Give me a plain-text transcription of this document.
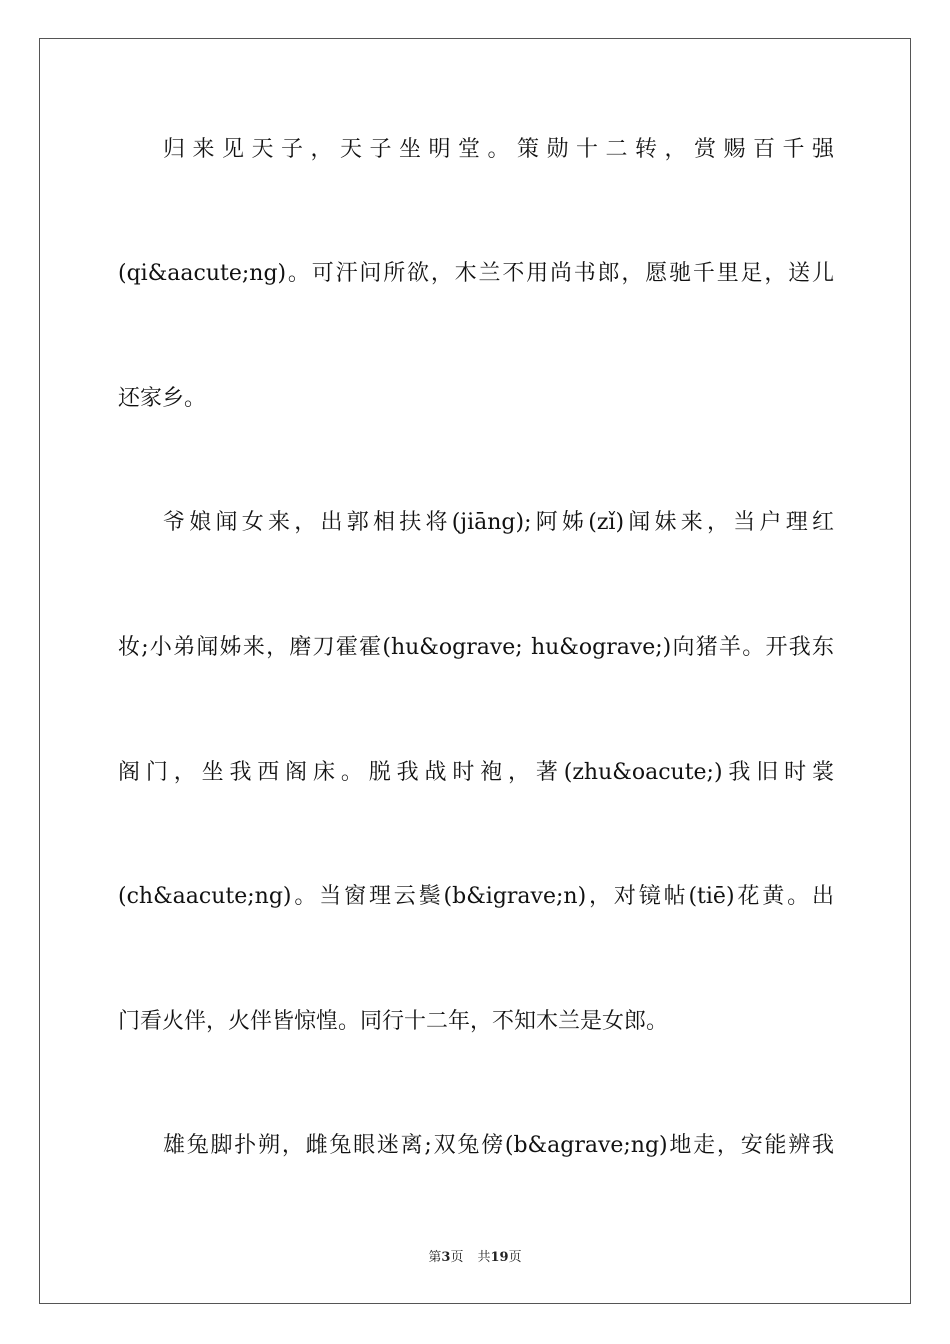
归来见天子，天子坐明堂。策勋十二转，赏赐百千强
(qi&aacute;ng)。可汗问所欲，木兰不用尚书郎，愿驰千里足，送儿
还家乡。
爷娘闻女来，出郭相扶将(jiāng);阿姊(zǐ)闻妹来，当户理红
妆;小弟闻姊来，磨刀霍霍(hu&ograve; hu&ograve;)向猪羊。开我东
阁门，坐我西阁床。脱我战时袍，著(zhu&oacute;)我旧时裳
(ch&aacute;ng)。当窗理云鬓(b&igrave;n)，对镜帖(tiē)花黄。出
门看火伴，火伴皆惊惶。同行十二年，不知木兰是女郎。
雄兔脚扑朔，雌兔眼迷离;双兔傍(b&agrave;ng)地走，安能辨我
第3页 共19页
